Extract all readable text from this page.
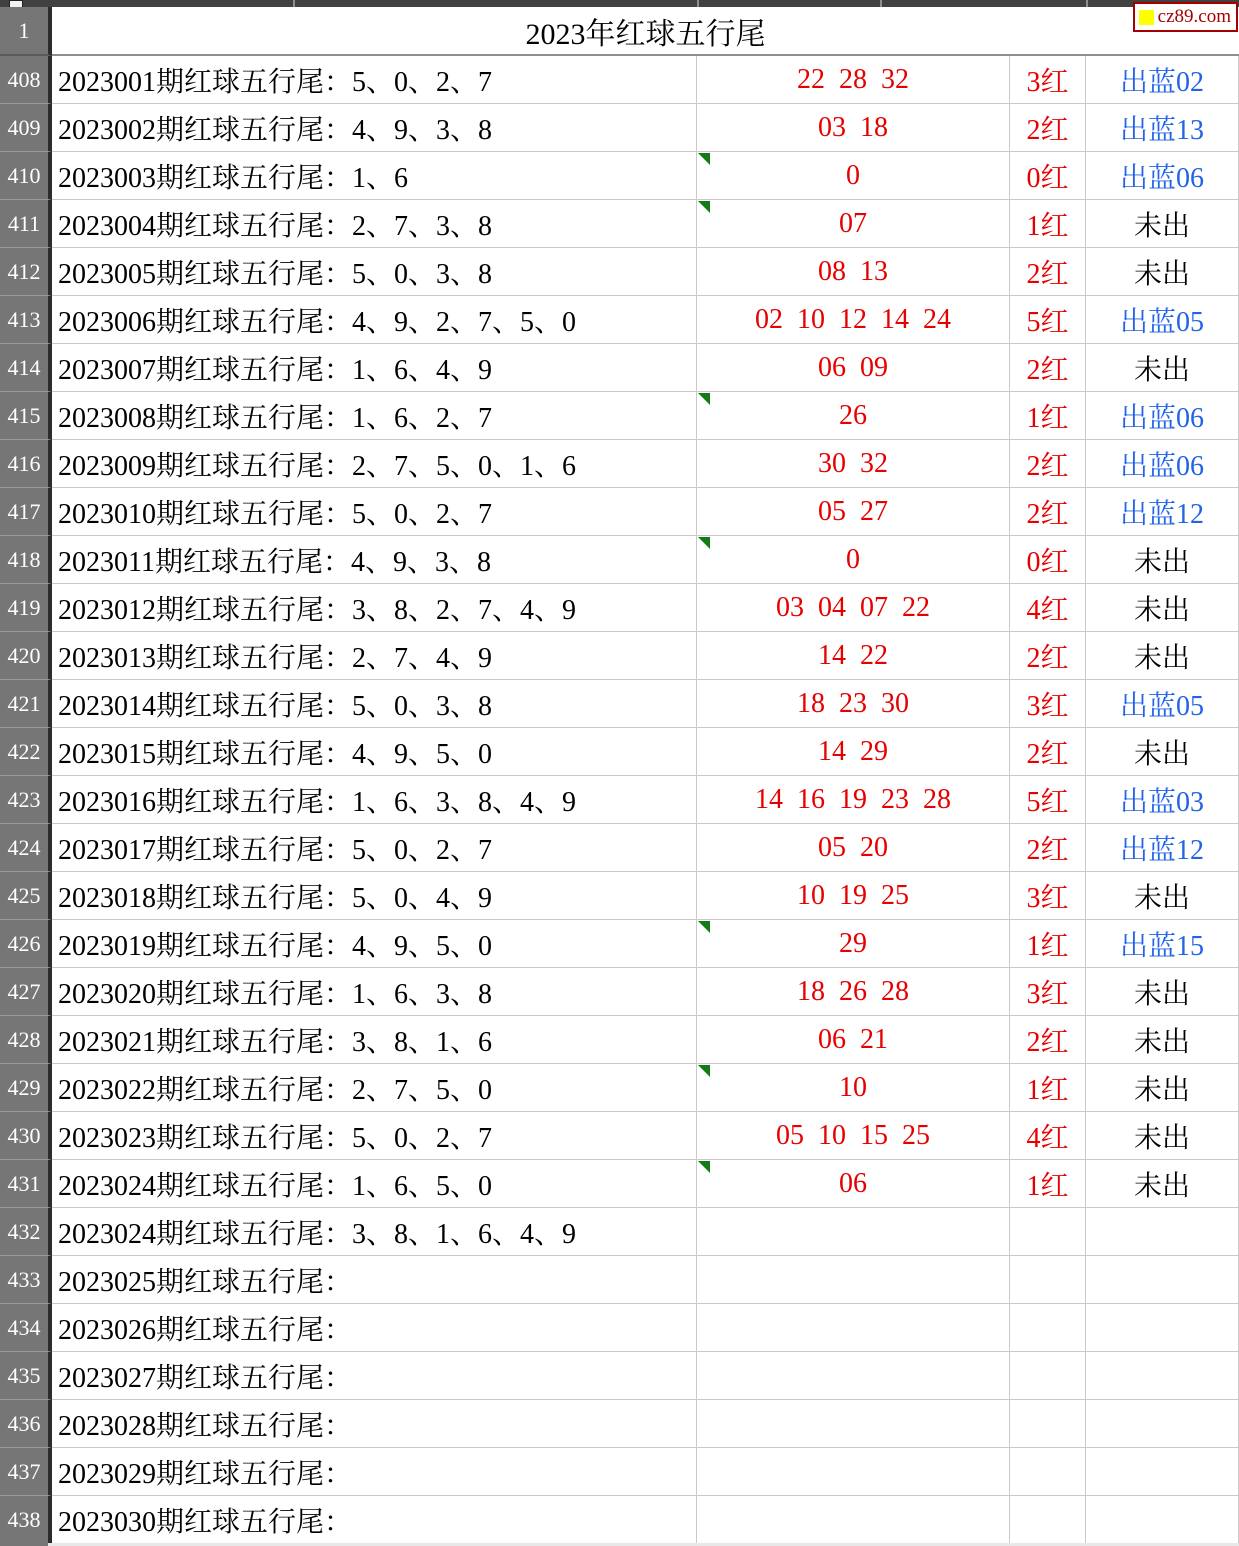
1	2023年红球五行尾
408 2023001期红球五行尾：5、0、2、7	22  28  32	3红	出蓝02
409 2023002期红球五行尾：4、9、3、8	03  18	2红	出蓝13
410 2023003期红球五行尾：1、6	0	0红	出蓝06
411 2023004期红球五行尾：2、7、3、8	07	1红	未出
412 2023005期红球五行尾：5、0、3、8	08  13	2红	未出
413 2023006期红球五行尾：4、9、2、7、5、0	02  10  12  14  24	5红	出蓝05
414 2023007期红球五行尾：1、6、4、9	06  09	2红	未出
415 2023008期红球五行尾：1、6、2、7	26	1红	出蓝06
416 2023009期红球五行尾：2、7、5、0、1、6	30  32	2红	出蓝06
417 2023010期红球五行尾：5、0、2、7	05  27	2红	出蓝12
418 2023011期红球五行尾：4、9、3、8	0	0红	未出
419 2023012期红球五行尾：3、8、2、7、4、9	03  04  07  22	4红	未出
420 2023013期红球五行尾：2、7、4、9	14  22	2红	未出
421 2023014期红球五行尾：5、0、3、8	18  23  30	3红	出蓝05
422 2023015期红球五行尾：4、9、5、0	14  29	2红	未出
423 2023016期红球五行尾：1、6、3、8、4、9	14  16  19  23  28	5红	出蓝03
424 2023017期红球五行尾：5、0、2、7	05  20	2红	出蓝12
425 2023018期红球五行尾：5、0、4、9	10  19  25	3红	未出
426 2023019期红球五行尾：4、9、5、0	29	1红	出蓝15
427 2023020期红球五行尾：1、6、3、8	18  26  28	3红	未出
428 2023021期红球五行尾：3、8、1、6	06  21	2红	未出
429 2023022期红球五行尾：2、7、5、0	10	1红	未出
430 2023023期红球五行尾：5、0、2、7	05  10  15  25	4红	未出
431 2023024期红球五行尾：1、6、5、0	06	1红	未出
432 2023024期红球五行尾：3、8、1、6、4、9
433 2023025期红球五行尾：
434 2023026期红球五行尾：
435 2023027期红球五行尾：
436 2023028期红球五行尾：
437 2023029期红球五行尾：
438 2023030期红球五行尾：
cz89.com
